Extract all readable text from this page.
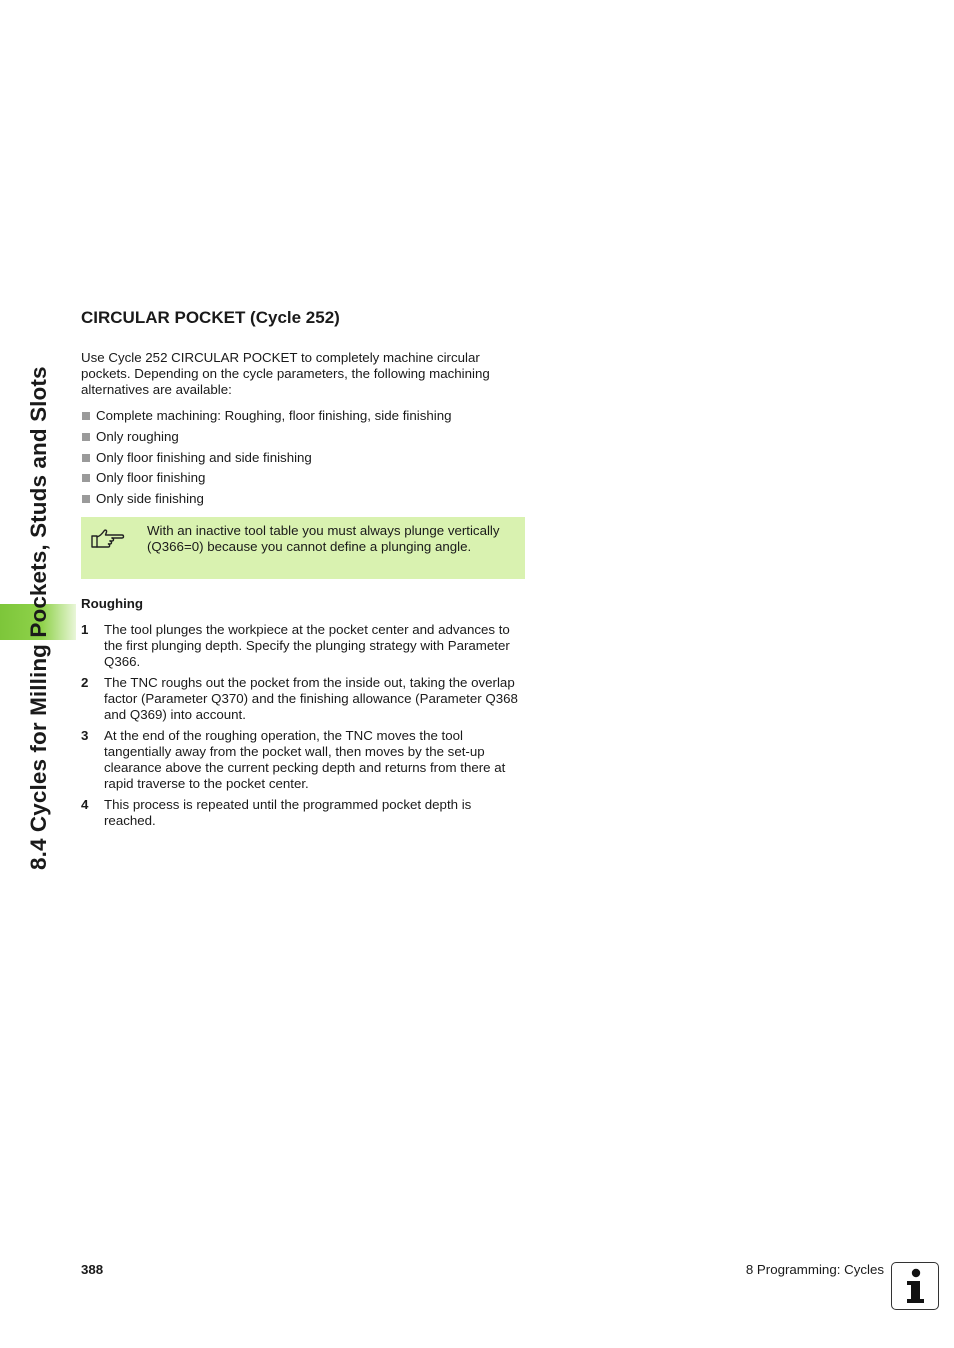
8.4 Cycles for Milling Pockets, Studs and Slots
CIRCULAR POCKET (Cycle 252)

Use Cycle 252 CIRCULAR POCKET to completely machine circular pockets. Depending on the cycle parameters, the following machining alternatives are available:

Complete machining: Roughing, floor finishing, side finishing
Only roughing
Only floor finishing and side finishing
Only floor finishing
Only side finishing
With an inactive tool table you must always plunge vertically (Q366=0) because you cannot define a plunging angle.
Roughing
1	The tool plunges the workpiece at the pocket center and advances to the first plunging depth. Specify the plunging strategy with Parameter Q366.
2	The TNC roughs out the pocket from the inside out, taking the overlap factor (Parameter Q370) and the finishing allowance (Parameter Q368 and Q369) into account.
3	At the end of the roughing operation, the TNC moves the tool tangentially away from the pocket wall, then moves by the set-up clearance above the current pecking depth and returns from there at rapid traverse to the pocket center.
4	This process is repeated until the programmed pocket depth is reached.
388	8 Programming: Cycles
